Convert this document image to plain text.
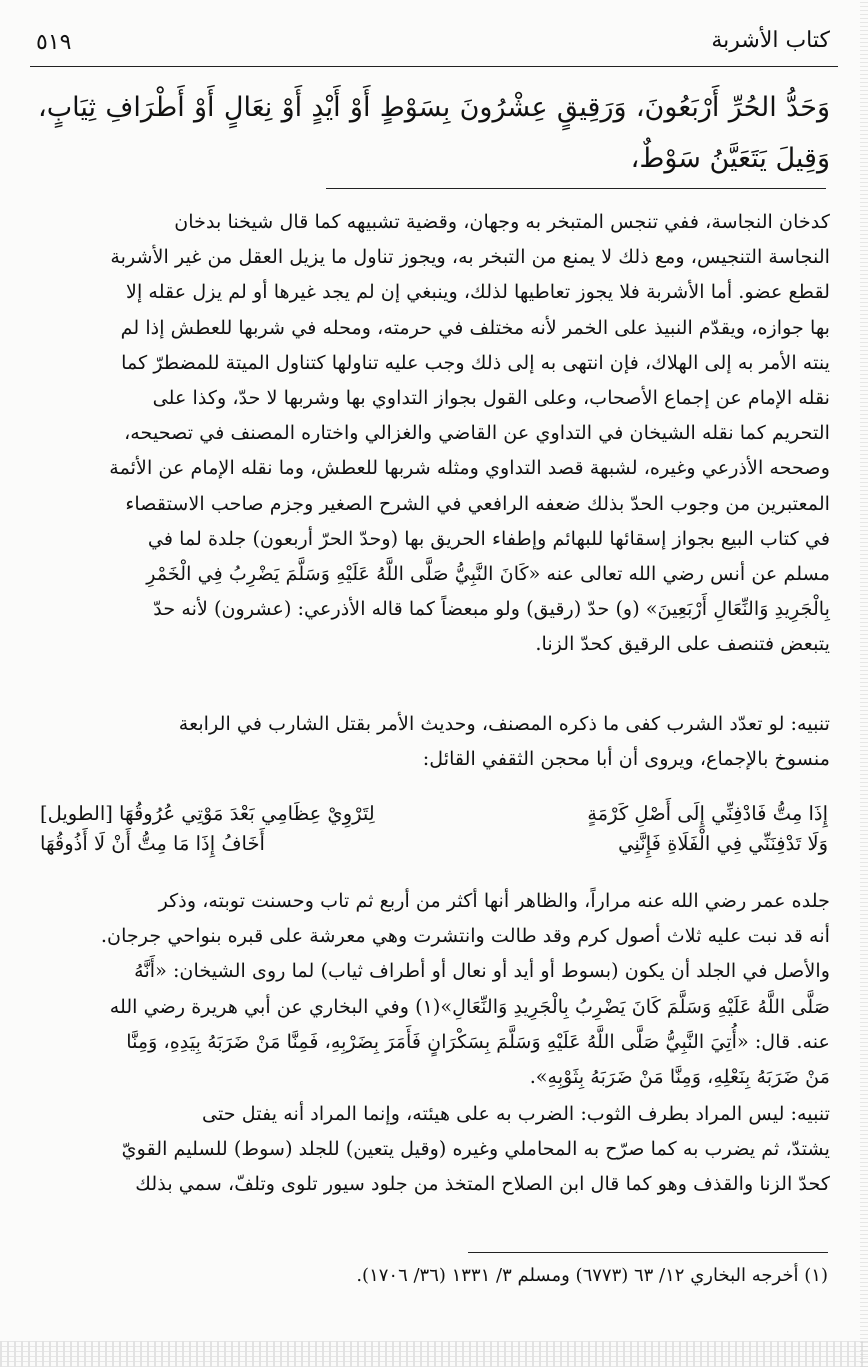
كتاب الأشربة
٥١٩
وَحَدُّ الحُرِّ أَرْبَعُونَ، وَرَقِيقٍ عِشْرُونَ بِسَوْطٍ أَوْ أَيْدٍ أَوْ نِعَالٍ أَوْ أَطْرَافِ ثِيَابٍ، وَقِيلَ يَتَعَيَّنُ سَوْطٌ،
كدخان النجاسة، ففي تنجس المتبخر به وجهان، وقضية تشبيهه كما قال شيخنا بدخان
النجاسة التنجيس، ومع ذلك لا يمنع من التبخر به، ويجوز تناول ما يزيل العقل من غير الأشربة
لقطع عضو. أما الأشربة فلا يجوز تعاطيها لذلك، وينبغي إن لم يجد غيرها أو لم يزل عقله إلا
بها جوازه، ويقدّم النبيذ على الخمر لأنه مختلف في حرمته، ومحله في شربها للعطش إذا لم
ينته الأمر به إلى الهلاك، فإن انتهى به إلى ذلك وجب عليه تناولها كتناول الميتة للمضطرّ كما
نقله الإمام عن إجماع الأصحاب، وعلى القول بجواز التداوي بها وشربها لا حدّ، وكذا على
التحريم كما نقله الشيخان في التداوي عن القاضي والغزالي واختاره المصنف في تصحيحه،
وصححه الأذرعي وغيره، لشبهة قصد التداوي ومثله شربها للعطش، وما نقله الإمام عن الأئمة
المعتبرين من وجوب الحدّ بذلك ضعفه الرافعي في الشرح الصغير وجزم صاحب الاستقصاء
في كتاب البيع بجواز إسقائها للبهائم وإطفاء الحريق بها (وحدّ الحرّ أربعون) جلدة لما في
مسلم عن أنس رضي الله تعالى عنه «كَانَ النَّبِيُّ صَلَّى اللَّهُ عَلَيْهِ وَسَلَّمَ يَضْرِبُ فِي الْخَمْرِ
بِالْجَرِيدِ وَالنِّعَالِ أَرْبَعِينَ» (و) حدّ (رقيق) ولو مبعضاً كما قاله الأذرعي: (عشرون) لأنه حدّ
يتبعض فتنصف على الرقيق كحدّ الزنا.
تنبيه: لو تعدّد الشرب كفى ما ذكره المصنف، وحديث الأمر بقتل الشارب في الرابعة
منسوخ بالإجماع، ويروى أن أبا محجن الثقفي القائل:
إِذَا مِتُّ فَادْفِنِّي إِلَى أَصْلِ كَرْمَةٍ
لِتَرْوِيْ عِظَامِي بَعْدَ مَوْتِي عُرُوقُهَا [الطويل]
وَلَا تَدْفِنَنِّي فِي الْفَلَاةِ فَإِنَّنِي
أَخَافُ إِذَا مَا مِتُّ أَنْ لَا أَذُوقُهَا
جلده عمر رضي الله عنه مراراً، والظاهر أنها أكثر من أربع ثم تاب وحسنت توبته، وذكر
أنه قد نبت عليه ثلاث أصول كرم وقد طالت وانتشرت وهي معرشة على قبره بنواحي جرجان.
والأصل في الجلد أن يكون (بسوط أو أيد أو نعال أو أطراف ثياب) لما روى الشيخان: «أَنَّهُ
صَلَّى اللَّهُ عَلَيْهِ وَسَلَّمَ كَانَ يَضْرِبُ بِالْجَرِيدِ وَالنِّعَالِ»(١) وفي البخاري عن أبي هريرة رضي الله
عنه. قال: «أُتِيَ النَّبِيُّ صَلَّى اللَّهُ عَلَيْهِ وَسَلَّمَ بِسَكْرَانٍ فَأَمَرَ بِضَرْبِهِ، فَمِنَّا مَنْ ضَرَبَهُ بِيَدِهِ، وَمِنَّا
مَنْ ضَرَبَهُ بِنَعْلِهِ، وَمِنَّا مَنْ ضَرَبَهُ بِثَوْبِهِ».
تنبيه: ليس المراد بطرف الثوب: الضرب به على هيئته، وإنما المراد أنه يفتل حتى
يشتدّ، ثم يضرب به كما صرّح به المحاملي وغيره (وقيل يتعين) للجلد (سوط) للسليم القويّ
كحدّ الزنا والقذف وهو كما قال ابن الصلاح المتخذ من جلود سيور تلوى وتلفّ، سمي بذلك
(١) أخرجه البخاري ١٢/ ٦٣ (٦٧٧٣) ومسلم ٣/ ١٣٣١ (٣٦/ ١٧٠٦).
